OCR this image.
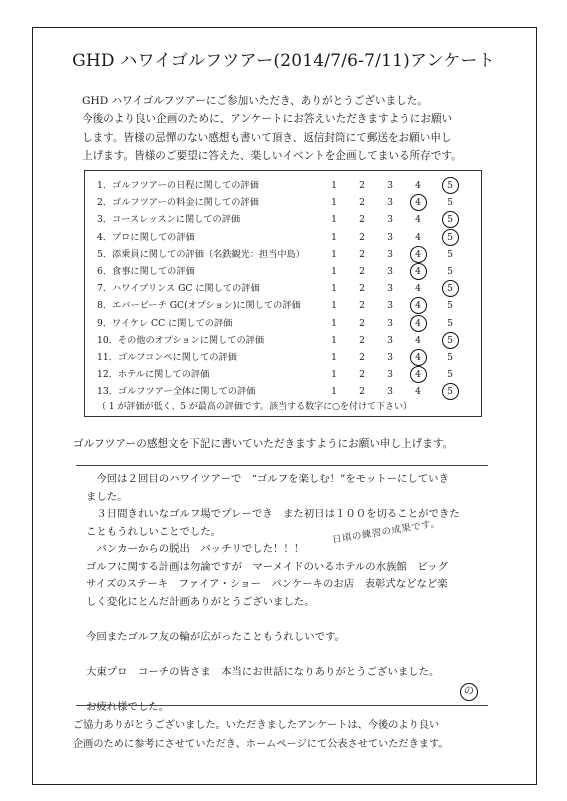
GHD ハワイゴルフツアー(2014/7/6-7/11)アンケート
GHD ハワイゴルフツアーにご参加いただき、ありがとうございました。
今後のより良い企画のために、アンケートにお答えいただきますようにお願い
します。皆様の忌憚のない感想も書いて頂き、返信封筒にて郵送をお願い申し
上げます。皆様のご要望に答えた、楽しいイベントを企画してまいる所存です。
1．ゴルフツアーの日程に関しての評価	1	2	3	4	5
2．ゴルフツアーの料金に関しての評価	1	2	3	4	5
3．コースレッスンに関しての評価	1	2	3	4	5
4．プロに関しての評価	1	2	3	4	5
5．添乗員に関しての評価（名鉄観光：担当中島）	1	2	3	4	5
6．食事に関しての評価	1	2	3	4	5
7．ハワイプリンス GC に関しての評価	1	2	3	4	5
8．エバービーチ GC(オプション)に関しての評価	1	2	3	4	5
9．ワイケレ CC に関しての評価	1	2	3	4	5
10．その他のオプションに関しての評価	1	2	3	4	5
11．ゴルフコンペに関しての評価	1	2	3	4	5
12．ホテルに関しての評価	1	2	3	4	5
13．ゴルフツアー全体に関しての評価	1	2	3	4	5
（ 1 が評価が低く、5 が最高の評価です。該当する数字に○を付けて下さい）
ゴルフツアーの感想文を下記に書いていただきますようにお願い申し上げます。
　今回は２回目のハワイツアーで　“ゴルフを楽しむ！”をモットーにしていき
ました。
　３日間きれいなゴルフ場でプレーでき　また初日は１００を切ることができた
こともうれしいことでした。
　バンカーからの脱出　バッチリでした！！！
ゴルフに関する計画は勿論ですが　マーメイドのいるホテルの水族館　ビッグ
サイズのステーキ　ファイア・ショー　パンケーキのお店　表彰式などなど楽
しく変化にとんだ計画ありがとうございました。
今回またゴルフ友の輪が広がったこともうれしいです。
大東プロ　コーチの皆さま　本当にお世話になりありがとうございました。
お疲れ様でした。
日頃の練習の成果です。
の
ご協力ありがとうございました。いただきましたアンケートは、今後のより良い
企画のために参考にさせていただき、ホームページにて公表させていただきます。
